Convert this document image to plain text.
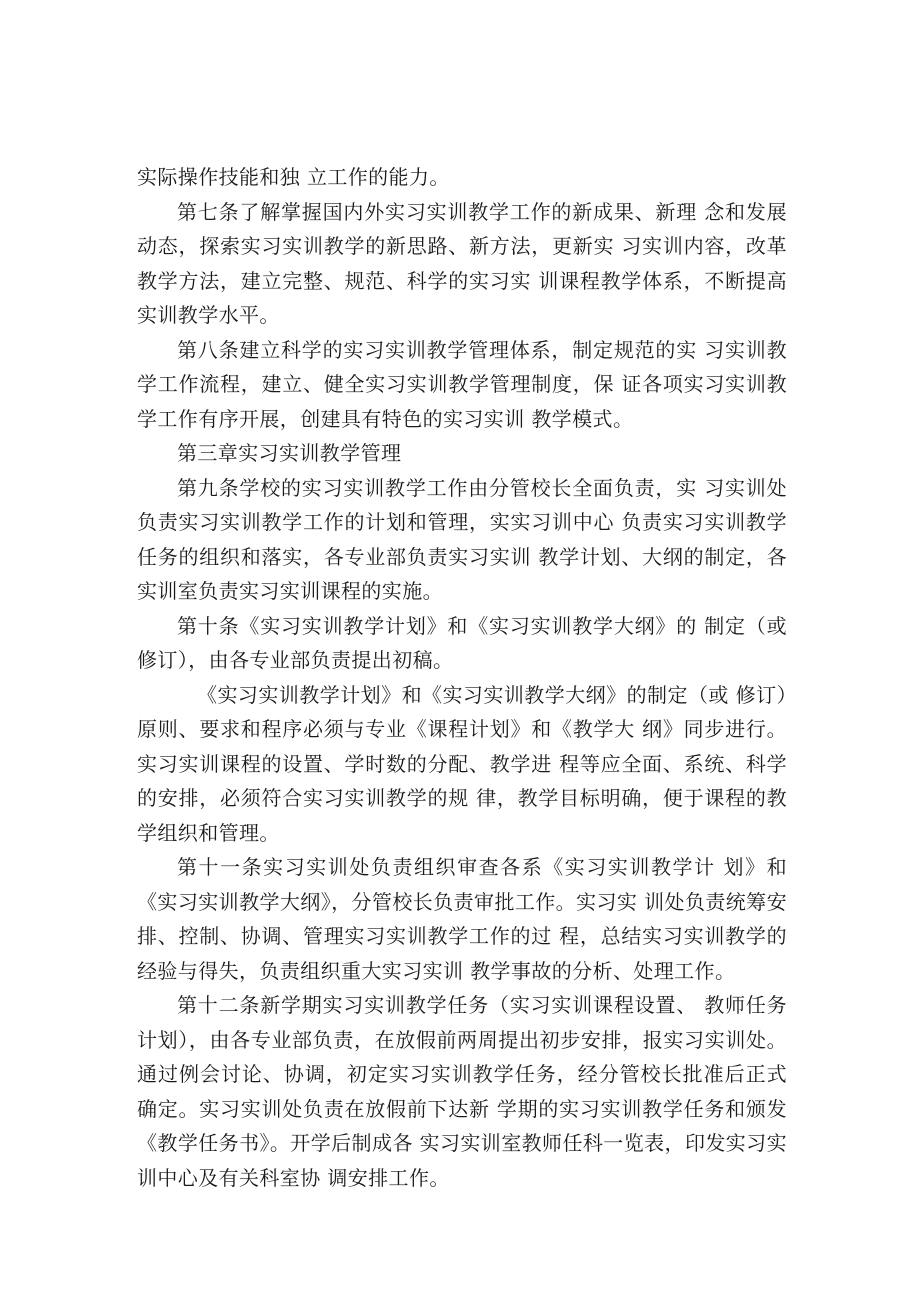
实际操作技能和独 立工作的能力。

第七条了解掌握国内外实习实训教学工作的新成果、新理 念和发展动态，探索实习实训教学的新思路、新方法，更新实 习实训内容，改革教学方法，建立完整、规范、科学的实习实 训课程教学体系，不断提高实训教学水平。

第八条建立科学的实习实训教学管理体系，制定规范的实 习实训教学工作流程，建立、健全实习实训教学管理制度，保 证各项实习实训教学工作有序开展，创建具有特色的实习实训 教学模式。

第三章实习实训教学管理

第九条学校的实习实训教学工作由分管校长全面负责，实 习实训处负责实习实训教学工作的计划和管理，实实习训中心 负责实习实训教学任务的组织和落实，各专业部负责实习实训 教学计划、大纲的制定，各实训室负责实习实训课程的实施。

第十条《实习实训教学计划》和《实习实训教学大纲》的 制定（或修订），由各专业部负责提出初稿。

《实习实训教学计划》和《实习实训教学大纲》的制定（或 修订）原则、要求和程序必须与专业《课程计划》和《教学大 纲》同步进行。实习实训课程的设置、学时数的分配、教学进 程等应全面、系统、科学的安排，必须符合实习实训教学的规 律，教学目标明确，便于课程的教学组织和管理。

第十一条实习实训处负责组织审查各系《实习实训教学计 划》和《实习实训教学大纲》，分管校长负责审批工作。实习实 训处负责统筹安排、控制、协调、管理实习实训教学工作的过 程，总结实习实训教学的经验与得失，负责组织重大实习实训 教学事故的分析、处理工作。

第十二条新学期实习实训教学任务（实习实训课程设置、 教师任务计划），由各专业部负责，在放假前两周提出初步安排，报实习实训处。通过例会讨论、协调，初定实习实训教学任务，经分管校长批准后正式确定。实习实训处负责在放假前下达新 学期的实习实训教学任务和颁发《教学任务书》。开学后制成各 实习实训室教师任科一览表，印发实习实训中心及有关科室协 调安排工作。
